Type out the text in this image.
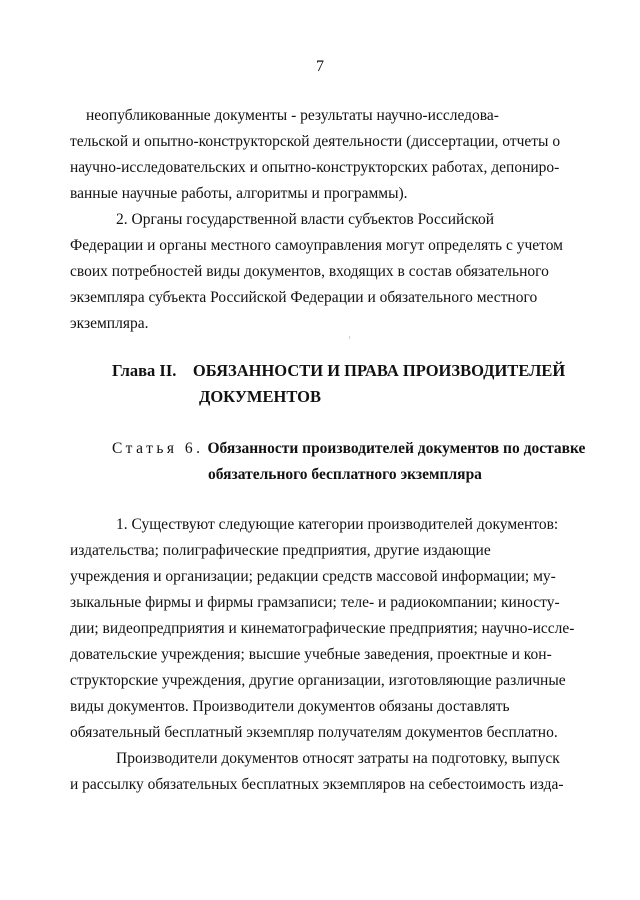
7
неопубликованные документы - результаты научно-исследова-
тельской и опытно-конструкторской деятельности (диссертации, отчеты о
научно-исследовательских и опытно-конструкторских работах, депониро-
ванные научные работы, алгоритмы и программы).
2. Органы государственной власти субъектов Российской
Федерации и органы местного самоуправления могут определять с учетом
своих потребностей виды документов, входящих в состав обязательного
экземпляра субъекта Российской Федерации и обязательного местного
экземпляра.
Глава II. ОБЯЗАННОСТИ И ПРАВА ПРОИЗВОДИТЕЛЕЙ
ДОКУМЕНТОВ
Статья 6. Обязанности производителей документов по доставке
обязательного бесплатного экземпляра
1. Существуют следующие категории производителей документов:
издательства; полиграфические предприятия, другие издающие
учреждения и организации; редакции средств массовой информации; му-
зыкальные фирмы и фирмы грамзаписи; теле- и радиокомпании; киносту-
дии; видеопредприятия и кинематографические предприятия; научно-иссле-
довательские учреждения; высшие учебные заведения, проектные и кон-
структорские учреждения, другие организации, изготовляющие различные
виды документов. Производители документов обязаны доставлять
обязательный бесплатный экземпляр получателям документов бесплатно.
Производители документов относят затраты на подготовку, выпуск
и рассылку обязательных бесплатных экземпляров на себестоимость изда-
